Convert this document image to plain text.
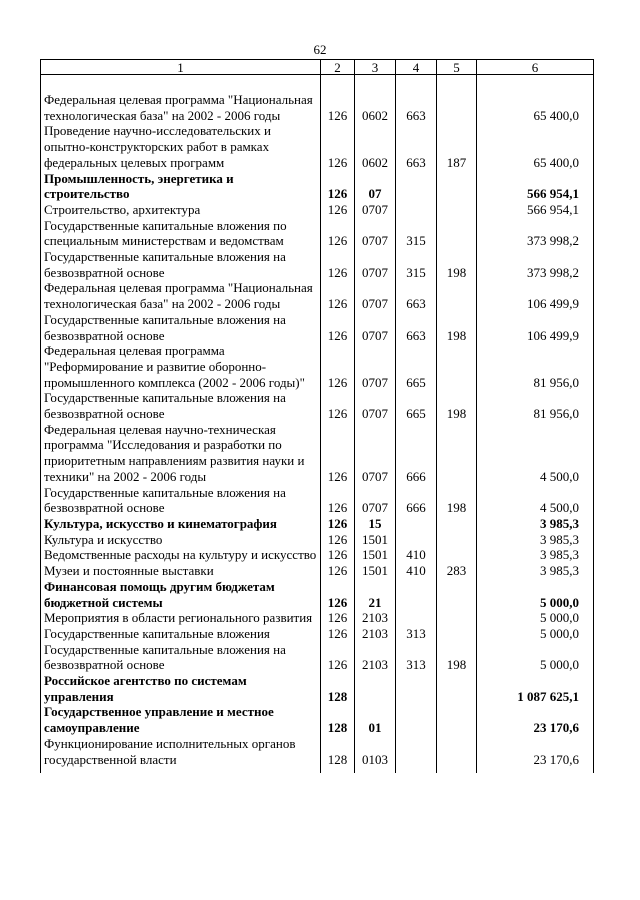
62
1	2	3	4	5	6

Федеральная целевая программа "Национальная технологическая база" на 2002 - 2006 годы	126	0602	663		65 400,0
Проведение научно-исследовательских и опытно-конструкторских работ в рамках федеральных целевых программ	126	0602	663	187	65 400,0
Промышленность, энергетика и строительство	126	07			566 954,1
Строительство, архитектура	126	0707			566 954,1
Государственные капитальные вложения по специальным министерствам и ведомствам	126	0707	315		373 998,2
Государственные капитальные вложения на безвозвратной основе	126	0707	315	198	373 998,2
Федеральная целевая программа "Национальная технологическая база" на 2002 - 2006 годы	126	0707	663		106 499,9
Государственные капитальные вложения на безвозвратной основе	126	0707	663	198	106 499,9
Федеральная целевая программа "Реформирование и развитие оборонно-промышленного комплекса (2002 - 2006 годы)"	126	0707	665		81 956,0
Государственные капитальные вложения на безвозвратной основе	126	0707	665	198	81 956,0
Федеральная целевая научно-техническая программа "Исследования и разработки по приоритетным направлениям развития науки и техники" на 2002 - 2006 годы	126	0707	666		4 500,0
Государственные капитальные вложения на безвозвратной основе	126	0707	666	198	4 500,0
Культура, искусство и кинематография	126	15			3 985,3
Культура и искусство	126	1501			3 985,3
Ведомственные расходы на культуру и искусство	126	1501	410		3 985,3
Музеи и постоянные выставки	126	1501	410	283	3 985,3
Финансовая помощь другим бюджетам бюджетной системы	126	21			5 000,0
Мероприятия в области регионального развития	126	2103			5 000,0
Государственные капитальные вложения	126	2103	313		5 000,0
Государственные капитальные вложения на безвозвратной основе	126	2103	313	198	5 000,0
Российское агентство по системам управления	128				1 087 625,1
Государственное управление и местное самоуправление	128	01			23 170,6
Функционирование исполнительных органов государственной власти	128	0103			23 170,6
